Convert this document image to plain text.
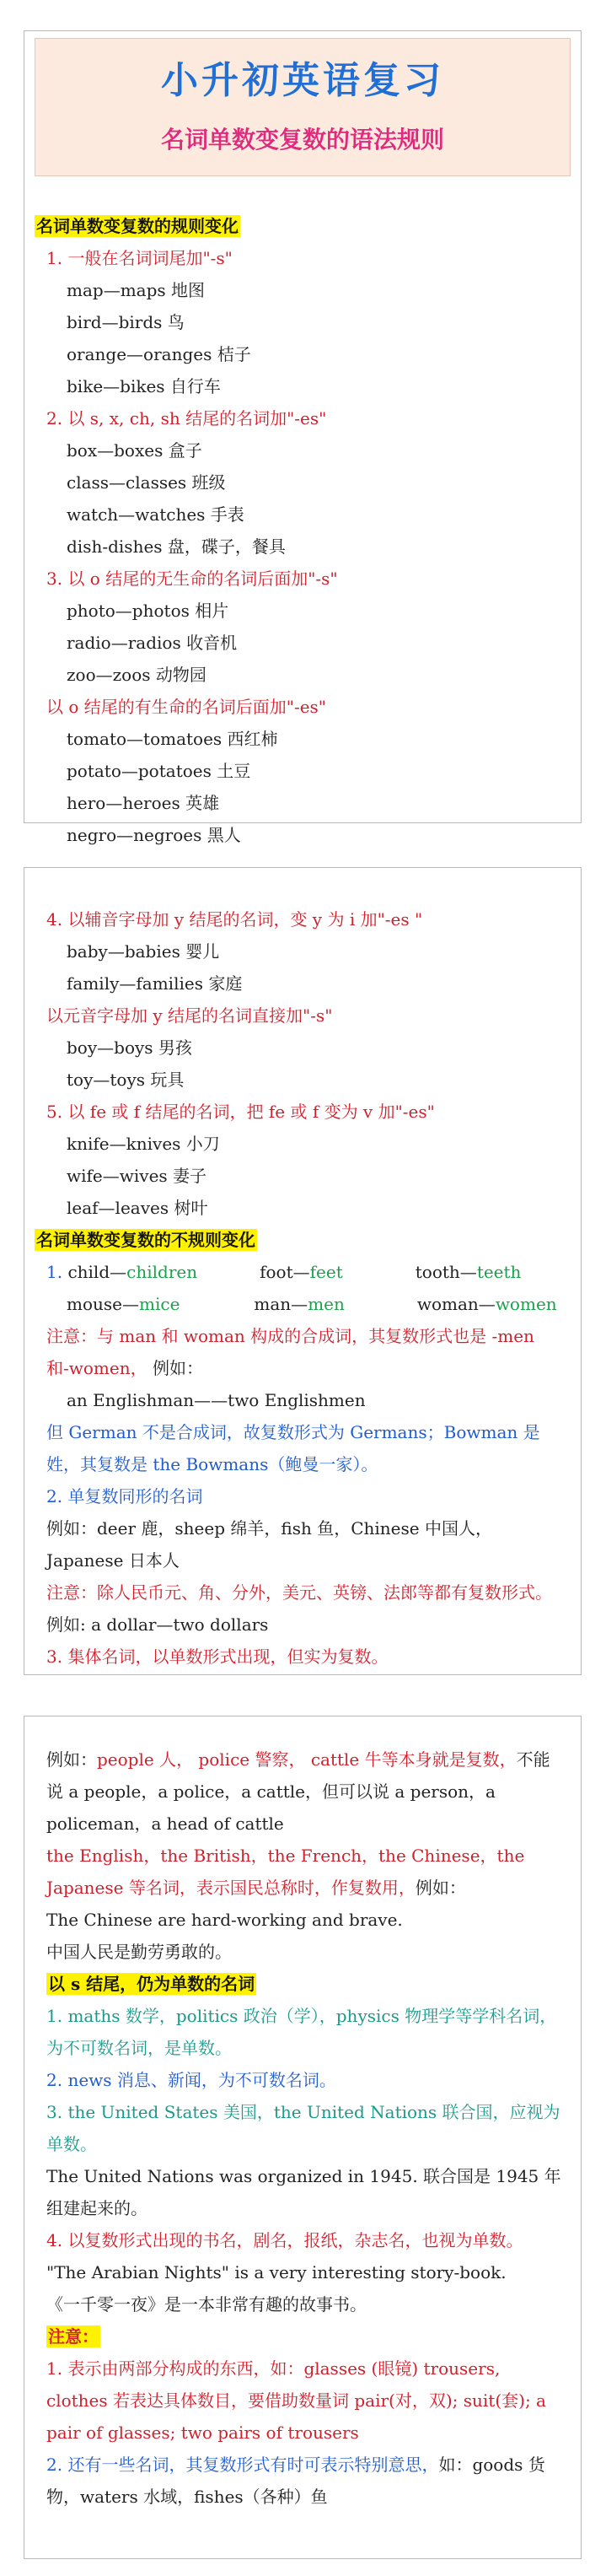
小升初英语复习
名词单数变复数的语法规则
名词单数变复数的规则变化
1. 一般在名词词尾加"-s"
map—maps 地图
bird—birds 鸟
orange—oranges 桔子
bike—bikes 自行车
2. 以 s, x, ch, sh 结尾的名词加"-es"
box—boxes 盒子
class—classes 班级
watch—watches 手表
dish-dishes 盘，碟子，餐具
3. 以 o 结尾的无生命的名词后面加"-s"
photo—photos 相片
radio—radios 收音机
zoo—zoos 动物园
以 o 结尾的有生命的名词后面加"-es"
tomato—tomatoes 西红柿
potato—potatoes 土豆
hero—heroes 英雄
negro—negroes 黑人
4. 以辅音字母加 y 结尾的名词，变 y 为 i 加"-es "
baby—babies 婴儿
family—families 家庭
以元音字母加 y 结尾的名词直接加"-s"
boy—boys 男孩
toy—toys 玩具
5. 以 fe 或 f 结尾的名词，把 fe 或 f 变为 v 加"-es"
knife—knives 小刀
wife—wives 妻子
leaf—leaves 树叶
名词单数变复数的不规则变化
1. child—children	foot—feet	tooth—teeth
mouse—mice	man—men	woman—women
注意：与 man 和 woman 构成的合成词，其复数形式也是 -men 和-women， 例如：
an Englishman——two Englishmen
但 German 不是合成词，故复数形式为 Germans；Bowman 是姓，其复数是 the Bowmans（鲍曼一家）。
2. 单复数同形的名词
例如：deer 鹿，sheep 绵羊，fish 鱼，Chinese 中国人，Japanese 日本人
注意：除人民币元、角、分外，美元、英镑、法郎等都有复数形式。例如: a dollar—two dollars
3. 集体名词，以单数形式出现，但实为复数。
例如：people 人， police 警察， cattle 牛等本身就是复数，不能说 a people，a police，a cattle，但可以说 a person，a policeman，a head of cattle
the English，the British，the French，the Chinese，the Japanese 等名词，表示国民总称时，作复数用，例如：
The Chinese are hard-working and brave.
中国人民是勤劳勇敢的。
以 s 结尾，仍为单数的名词
1. maths 数学，politics 政治（学），physics 物理学等学科名词，为不可数名词，是单数。
2. news 消息、新闻，为不可数名词。
3. the United States 美国，the United Nations 联合国，应视为单数。
The United Nations was organized in 1945. 联合国是 1945 年组建起来的。
4. 以复数形式出现的书名，剧名，报纸，杂志名，也视为单数。
"The Arabian Nights" is a very interesting story-book.
《一千零一夜》是一本非常有趣的故事书。
注意：
1. 表示由两部分构成的东西，如：glasses (眼镜) trousers, clothes 若表达具体数目，要借助数量词 pair(对，双); suit(套); a pair of glasses; two pairs of trousers
2. 还有一些名词，其复数形式有时可表示特别意思，如：goods 货物，waters 水域，fishes（各种）鱼
